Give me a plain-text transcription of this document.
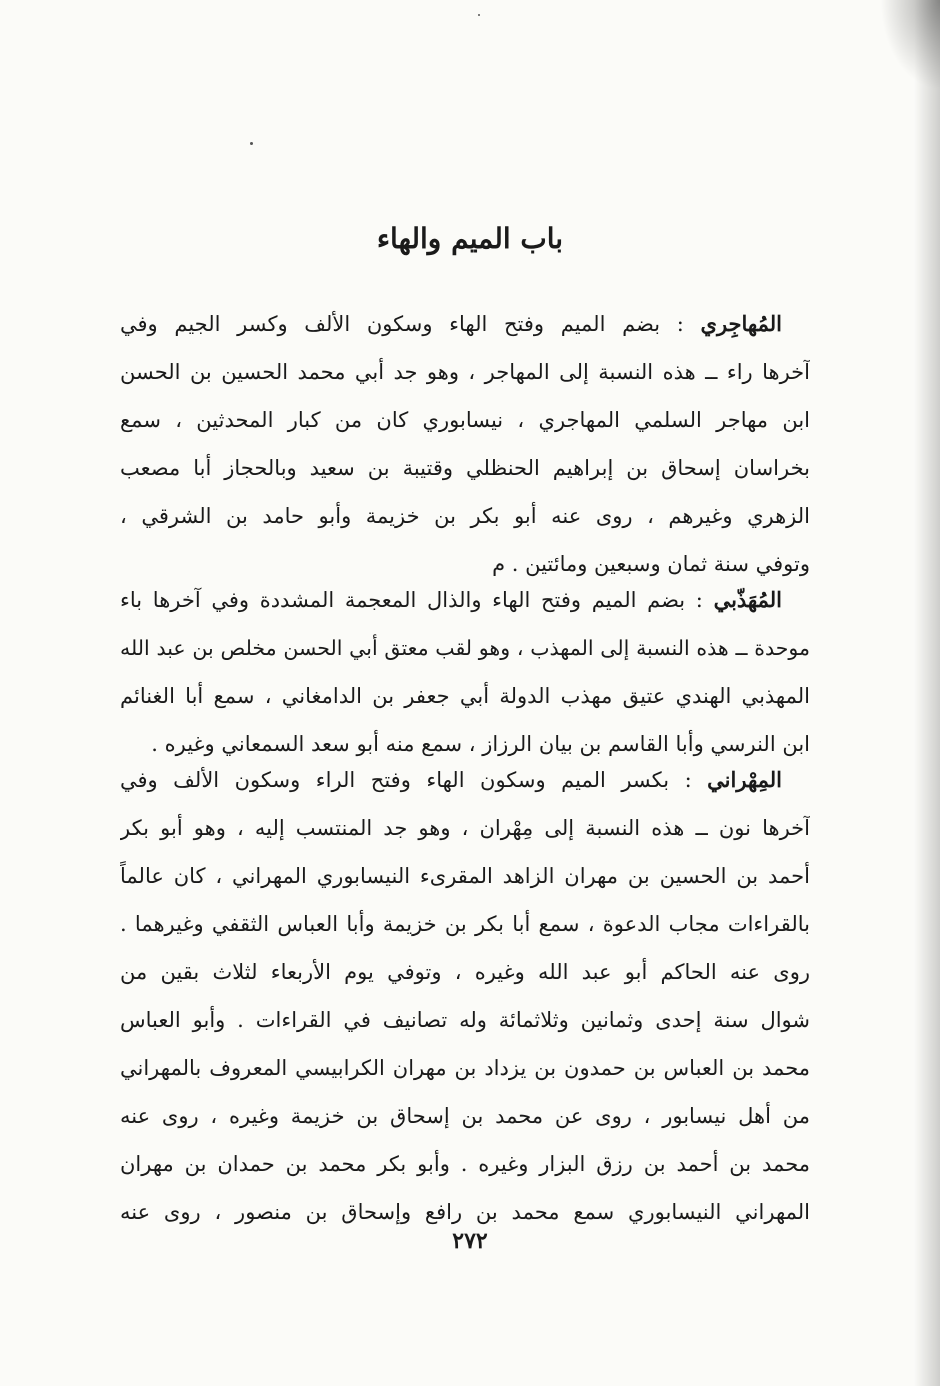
باب الميم والهاء
المُهاجِري : بضم الميم وفتح الهاء وسكون الألف وكسر الجيم وفي
آخرها راء ــ هذه النسبة إلى المهاجر ، وهو جد أبي محمد الحسين بن الحسن
ابن مهاجر السلمي المهاجري ، نيسابوري كان من كبار المحدثين ، سمع
بخراسان إسحاق بن إبراهيم الحنظلي وقتيبة بن سعيد وبالحجاز أبا مصعب
الزهري وغيرهم ، روى عنه أبو بكر بن خزيمة وأبو حامد بن الشرقي ،
وتوفي سنة ثمان وسبعين ومائتين . م
المُهَذّبي : بضم الميم وفتح الهاء والذال المعجمة المشددة وفي آخرها باء
موحدة ــ هذه النسبة إلى المهذب ، وهو لقب معتق أبي الحسن مخلص بن عبد الله
المهذبي الهندي عتيق مهذب الدولة أبي جعفر بن الدامغاني ، سمع أبا الغنائم
ابن النرسي وأبا القاسم بن بيان الرزاز ، سمع منه أبو سعد السمعاني وغيره .
المِهْراني : بكسر الميم وسكون الهاء وفتح الراء وسكون الألف وفي
آخرها نون ــ هذه النسبة إلى مِهْران ، وهو جد المنتسب إليه ، وهو أبو بكر
أحمد بن الحسين بن مهران الزاهد المقرىء النيسابوري المهراني ، كان عالماً
بالقراءات مجاب الدعوة ، سمع أبا بكر بن خزيمة وأبا العباس الثقفي وغيرهما .
روى عنه الحاكم أبو عبد الله وغيره ، وتوفي يوم الأربعاء لثلاث بقين من
شوال سنة إحدى وثمانين وثلاثمائة وله تصانيف في القراءات . وأبو العباس
محمد بن العباس بن حمدون بن يزداد بن مهران الكرابيسي المعروف بالمهراني
من أهل نيسابور ، روى عن محمد بن إسحاق بن خزيمة وغيره ، روى عنه
محمد بن أحمد بن رزق البزار وغيره . وأبو بكر محمد بن حمدان بن مهران
المهراني النيسابوري سمع محمد بن رافع وإسحاق بن منصور ، روى عنه
٢٧٢
